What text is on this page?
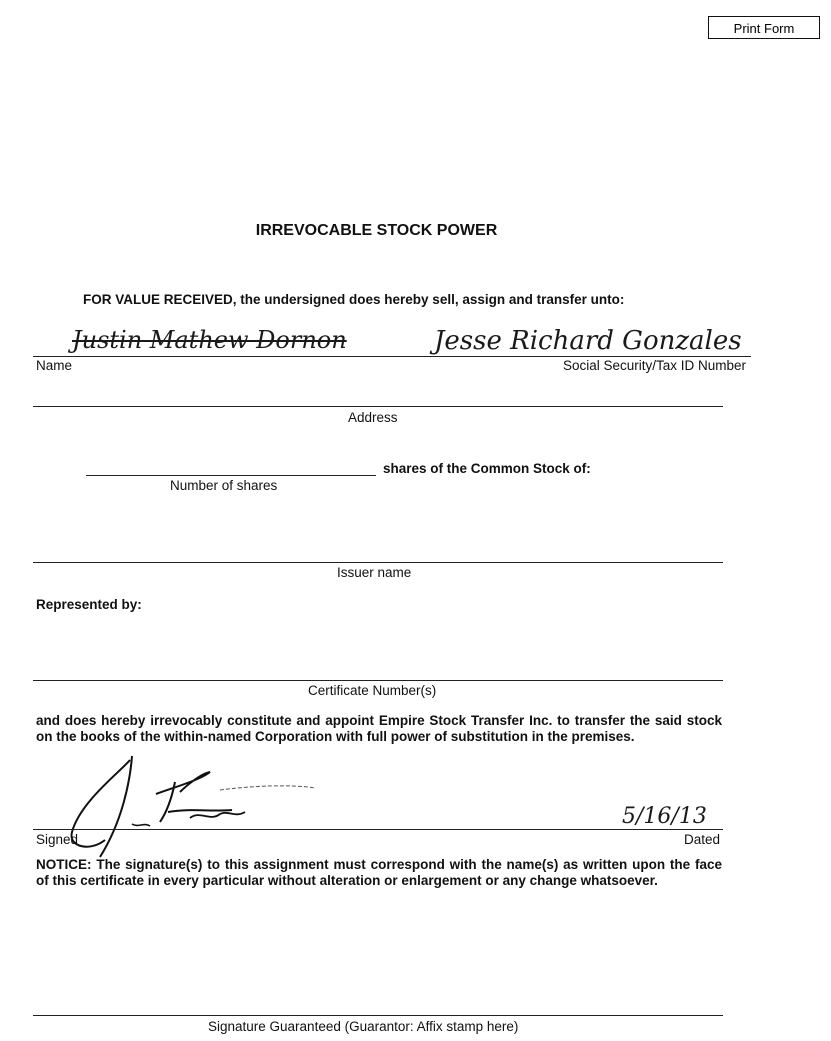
Print Form
IRREVOCABLE STOCK POWER
FOR VALUE RECEIVED, the undersigned does hereby sell, assign and transfer unto:
Justin Mathew Dornon	Jesse Richard Gonzales
Name	Social Security/Tax ID Number
Address
shares of the Common Stock of:
Number of shares
Issuer name
Represented by:
Certificate Number(s)
and does hereby irrevocably constitute and appoint Empire Stock Transfer Inc. to transfer the said stock on the books of the within-named Corporation with full power of substitution in the premises.
5/16/13
Signed	Dated
NOTICE: The signature(s) to this assignment must correspond with the name(s) as written upon the face of this certificate in every particular without alteration or enlargement or any change whatsoever.
Signature Guaranteed (Guarantor: Affix stamp here)
